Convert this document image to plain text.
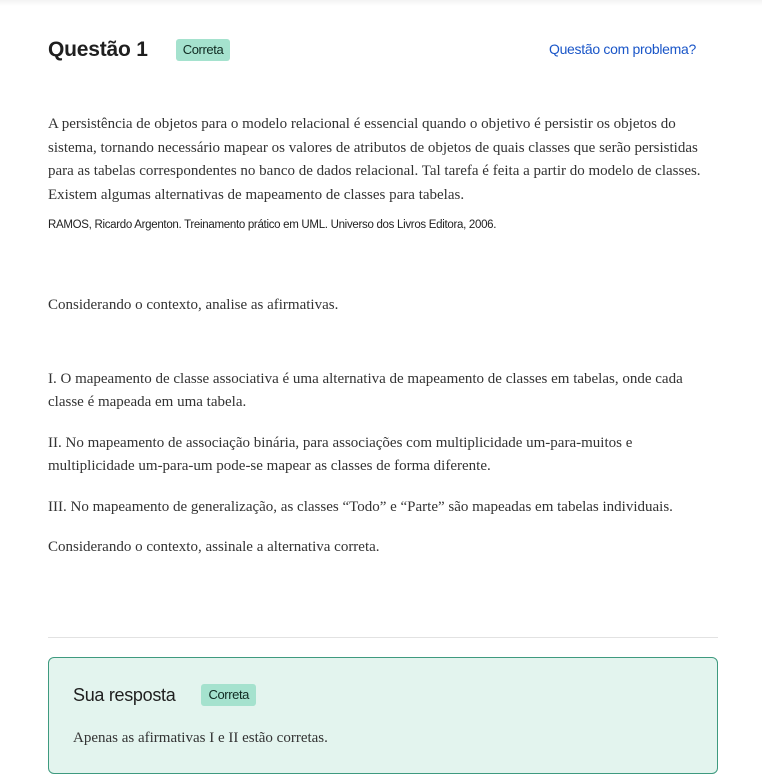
Questão 1	Correta	Questão com problema?

A persistência de objetos para o modelo relacional é essencial quando o objetivo é persistir os objetos do sistema, tornando necessário mapear os valores de atributos de objetos de quais classes que serão persistidas para as tabelas correspondentes no banco de dados relacional. Tal tarefa é feita a partir do modelo de classes. Existem algumas alternativas de mapeamento de classes para tabelas.

RAMOS, Ricardo Argenton. Treinamento prático em UML. Universo dos Livros Editora, 2006.

Considerando o contexto, analise as afirmativas.

I. O mapeamento de classe associativa é uma alternativa de mapeamento de classes em tabelas, onde cada classe é mapeada em uma tabela.

II. No mapeamento de associação binária, para associações com multiplicidade um-para-muitos e multiplicidade um-para-um pode-se mapear as classes de forma diferente.

III. No mapeamento de generalização, as classes “Todo” e “Parte” são mapeadas em tabelas individuais.

Considerando o contexto, assinale a alternativa correta.

Sua resposta	Correta
Apenas as afirmativas I e II estão corretas.
